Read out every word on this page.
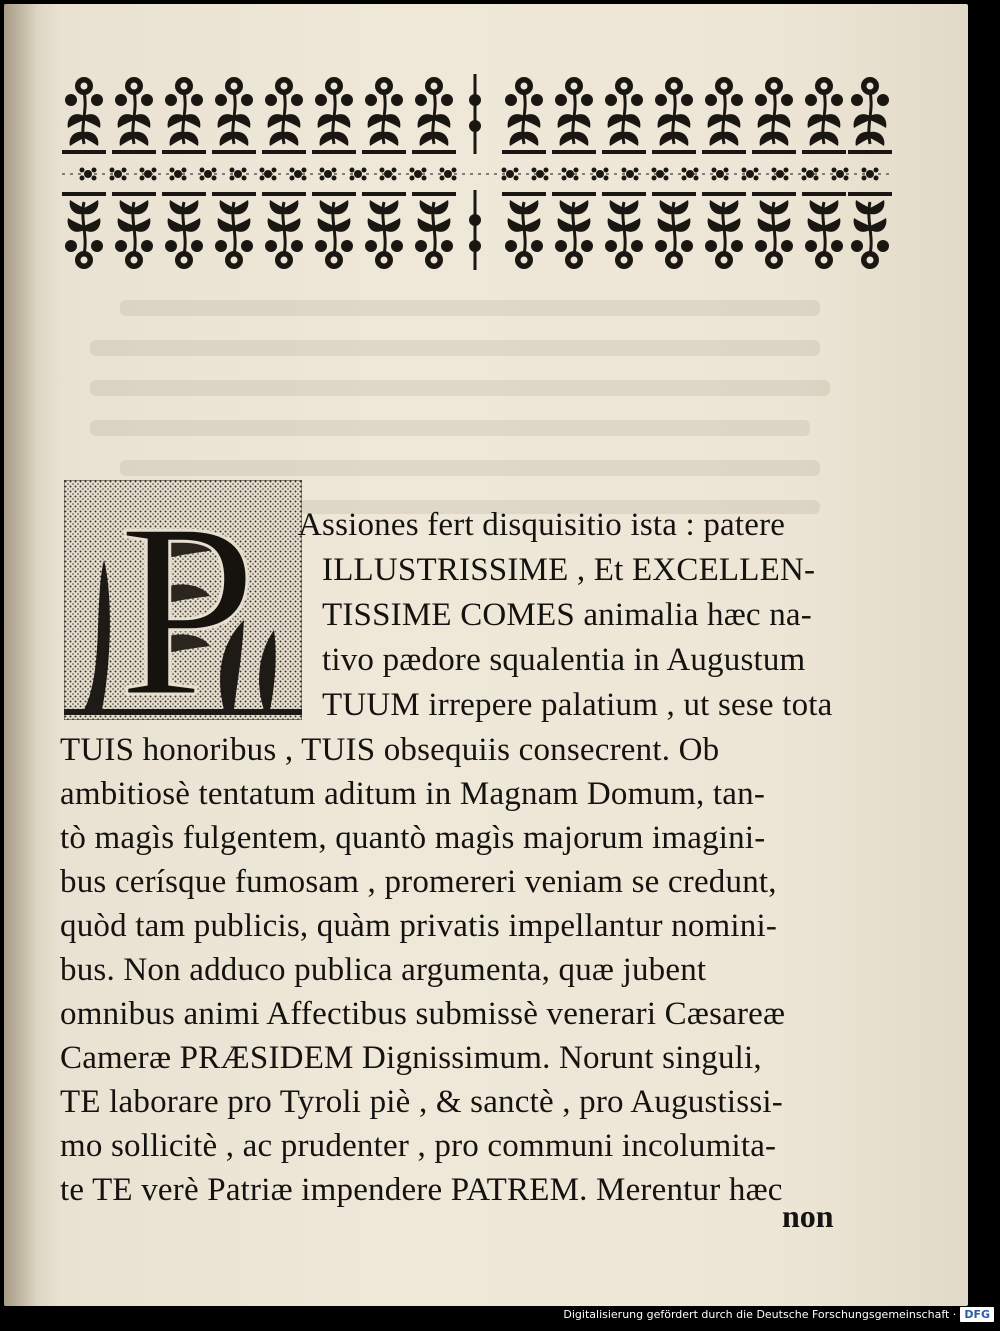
P Assiones fert disquisitio ista : patere
ILLUSTRISSIME , Et EXCELLEN-
TISSIME COMES animalia hæc na-
tivo pædore squalentia in Augustum
TUUM irrepere palatium , ut sese tota
TUIS honoribus , TUIS obsequiis consecrent. Ob
ambitiosè tentatum aditum in Magnam Domum, tan-
tò magìs fulgentem, quantò magìs majorum imagini-
bus cerísque fumosam , promereri veniam se credunt,
quòd tam publicis, quàm privatis impellantur nomini-
bus. Non adduco publica argumenta, quæ jubent
omnibus animi Affectibus submissè venerari Cæsareæ
Cameræ PRÆSIDEM Dignissimum. Norunt singuli,
TE laborare pro Tyroli piè , & sanctè , pro Augustissi-
mo sollicitè , ac prudenter , pro communi incolumita-
te TE verè Patriæ impendere PATREM. Merentur hæc
non
Digitalisierung gefördert durch die Deutsche Forschungsgemeinschaft · DFG
